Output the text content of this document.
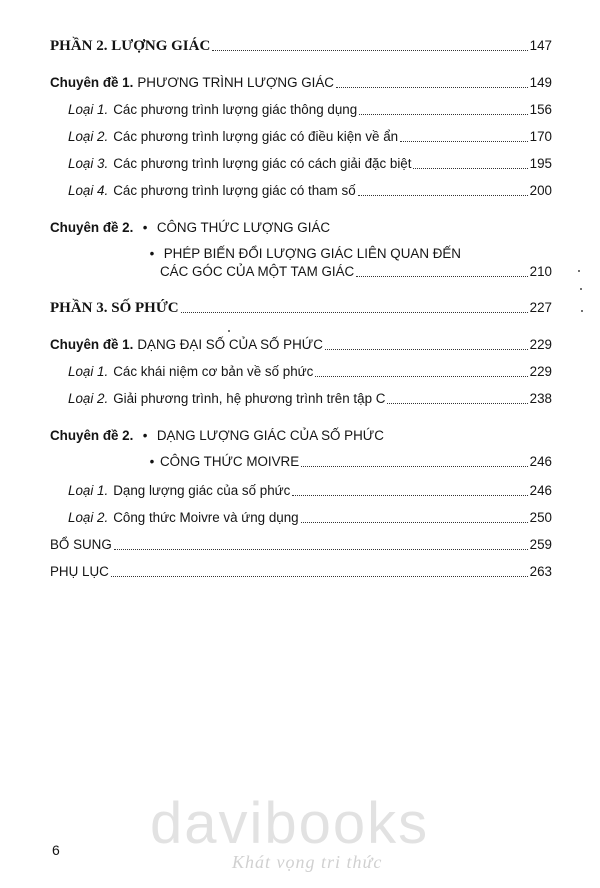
PHẦN 2. LƯỢNG GIÁC	147
Chuyên đề 1. PHƯƠNG TRÌNH LƯỢNG GIÁC	149
Loại 1. Các phương trình lượng giác thông dụng	156
Loại 2. Các phương trình lượng giác có điều kiện về ẩn	170
Loại 3. Các phương trình lượng giác có cách giải đặc biệt	195
Loại 4. Các phương trình lượng giác có tham số	200
Chuyên đề 2. • CÔNG THỨC LƯỢNG GIÁC
• PHÉP BIẾN ĐỔI LƯỢNG GIÁC LIÊN QUAN ĐẾN
CÁC GÓC CỦA MỘT TAM GIÁC	210
PHẦN 3. SỐ PHỨC	227
Chuyên đề 1. DẠNG ĐẠI SỐ CỦA SỐ PHỨC	229
Loại 1. Các khái niệm cơ bản về số phức	229
Loại 2. Giải phương trình, hệ phương trình trên tập C	238
Chuyên đề 2. • DẠNG LƯỢNG GIÁC CỦA SỐ PHỨC
• CÔNG THỨC MOIVRE	246
Loại 1. Dạng lượng giác của số phức	246
Loại 2. Công thức Moivre và ứng dụng	250
BỔ SUNG	259
PHỤ LỤC	263
6 davibooks
Khát vọng tri thức
